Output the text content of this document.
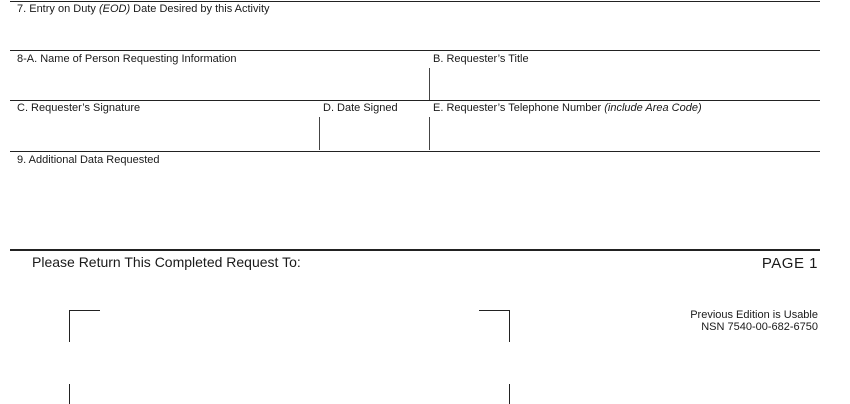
7. Entry on Duty (EOD) Date Desired by this Activity
8-A. Name of Person Requesting Information	B. Requester’s Title
C. Requester’s Signature	D. Date Signed	E. Requester’s Telephone Number (include Area Code)
9. Additional Data Requested
Please Return This Completed Request To:	PAGE 1
Previous Edition is Usable
NSN 7540-00-682-6750
